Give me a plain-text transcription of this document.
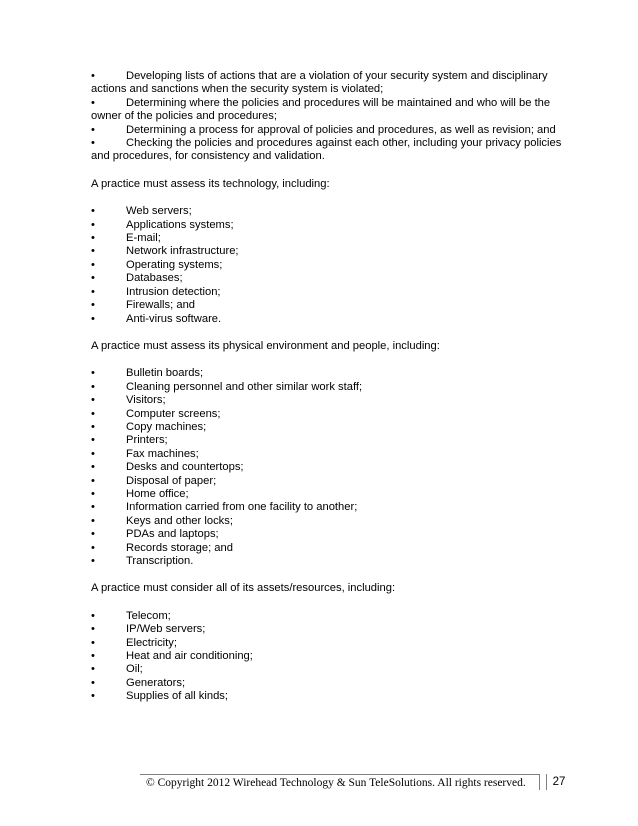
•	Developing lists of actions that are a violation of your security system and disciplinary actions and sanctions when the security system is violated;
•	Determining where the policies and procedures will be maintained and who will be the owner of the policies and procedures;
•	Determining a process for approval of policies and procedures, as well as revision; and
•	Checking the policies and procedures against each other, including your privacy policies and procedures, for consistency and validation.
A practice must assess its technology, including:
•	Web servers;
•	Applications systems;
•	E-mail;
•	Network infrastructure;
•	Operating systems;
•	Databases;
•	Intrusion detection;
•	Firewalls; and
•	Anti-virus software.
A practice must assess its physical environment and people, including:
•	Bulletin boards;
•	Cleaning personnel and other similar work staff;
•	Visitors;
•	Computer screens;
•	Copy machines;
•	Printers;
•	Fax machines;
•	Desks and countertops;
•	Disposal of paper;
•	Home office;
•	Information carried from one facility to another;
•	Keys and other locks;
•	PDAs and laptops;
•	Records storage; and
•	Transcription.
A practice must consider all of its assets/resources, including:
•	Telecom;
•	IP/Web servers;
•	Electricity;
•	Heat and air conditioning;
•	Oil;
•	Generators;
•	Supplies of all kinds;
© Copyright 2012 Wirehead Technology & Sun TeleSolutions. All rights reserved.	27
